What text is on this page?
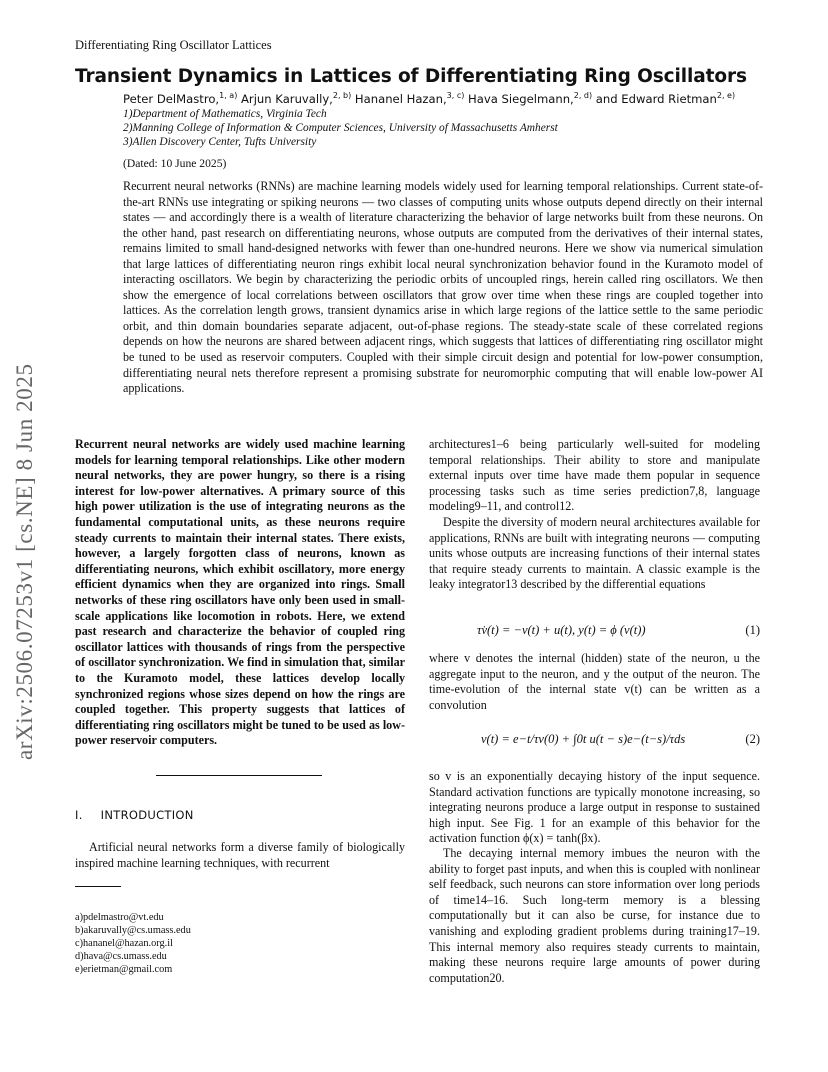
Differentiating Ring Oscillator Lattices
Transient Dynamics in Lattices of Differentiating Ring Oscillators
Peter DelMastro,$^{1, a)}$ Arjun Karuvally,$^{2, b)}$ Hananel Hazan,$^{3, c)}$ Hava Siegelmann,$^{2, d)}$ and Edward Rietman$^{2, e)}$
1)Department of Mathematics, Virginia Tech
2)Manning College of Information & Computer Sciences, University of Massachusetts Amherst
3)Allen Discovery Center, Tufts University
(Dated: 10 June 2025)
Recurrent neural networks (RNNs) are machine learning models widely used for learning temporal relationships. Current state-of-the-art RNNs use integrating or spiking neurons — two classes of computing units whose outputs depend directly on their internal states — and accordingly there is a wealth of literature characterizing the behavior of large networks built from these neurons. On the other hand, past research on differentiating neurons, whose outputs are computed from the derivatives of their internal states, remains limited to small hand-designed networks with fewer than one-hundred neurons. Here we show via numerical simulation that large lattices of differentiating neuron rings exhibit local neural synchronization behavior found in the Kuramoto model of interacting oscillators. We begin by characterizing the periodic orbits of uncoupled rings, herein called ring oscillators. We then show the emergence of local correlations between oscillators that grow over time when these rings are coupled together into lattices. As the correlation length grows, transient dynamics arise in which large regions of the lattice settle to the same periodic orbit, and thin domain boundaries separate adjacent, out-of-phase regions. The steady-state scale of these correlated regions depends on how the neurons are shared between adjacent rings, which suggests that lattices of differentiating ring oscillator might be tuned to be used as reservoir computers. Coupled with their simple circuit design and potential for low-power consumption, differentiating neural nets therefore represent a promising substrate for neuromorphic computing that will enable low-power AI applications.
arXiv:2506.07253v1 [cs.NE] 8 Jun 2025	Recurrent neural networks are widely used machine learning models for learning temporal relationships. Like other modern neural networks, they are power hungry, so there is a rising interest for low-power alternatives. A primary source of this high power utilization is the use of integrating neurons as the fundamental computational units, as these neurons require steady currents to maintain their internal states. There exists, however, a largely forgotten class of neurons, known as differentiating neurons, which exhibit oscillatory, more energy efficient dynamics when they are organized into rings. Small networks of these ring oscillators have only been used in small-scale applications like locomotion in robots. Here, we extend past research and characterize the behavior of coupled ring oscillator lattices with thousands of rings from the perspective of oscillator synchronization. We find in simulation that, similar to the Kuramoto model, these lattices develop locally synchronized regions whose sizes depend on how the rings are coupled together. This property suggests that lattices of differentiating ring oscillators might be tuned to be used as low-power reservoir computers.
I. INTRODUCTION
Artificial neural networks form a diverse family of biologically inspired machine learning techniques, with recurrent
a)pdelmastro@vt.edu
b)akaruvally@cs.umass.edu
c)hananel@hazan.org.il
d)hava@cs.umass.edu
e)erietman@gmail.com
architectures1–6 being particularly well-suited for modeling temporal relationships. Their ability to store and manipulate external inputs over time have made them popular in sequence processing tasks such as time series prediction7,8, language modeling9–11, and control12.
Despite the diversity of modern neural architectures available for applications, RNNs are built with integrating neurons — computing units whose outputs are increasing functions of their internal states that require steady currents to maintain. A classic example is the leaky integrator13 described by the differential equations
τv̇(t) = −v(t) + u(t), y(t) = ϕ (v(t))	(1)
where v denotes the internal (hidden) state of the neuron, u the aggregate input to the neuron, and y the output of the neuron. The time-evolution of the internal state v(t) can be written as a convolution
v(t) = e−t/τv(0) + ∫0t u(t − s)e−(t−s)/τds	(2)
so v is an exponentially decaying history of the input sequence. Standard activation functions are typically monotone increasing, so integrating neurons produce a large output in response to sustained high input. See Fig. 1 for an example of this behavior for the activation function ϕ(x) = tanh(βx).
The decaying internal memory imbues the neuron with the ability to forget past inputs, and when this is coupled with nonlinear self feedback, such neurons can store information over long periods of time14–16. Such long-term memory is a blessing computationally but it can also be curse, for instance due to vanishing and exploding gradient problems during training17–19. This internal memory also requires steady currents to maintain, making these neurons require large amounts of power during computation20.
